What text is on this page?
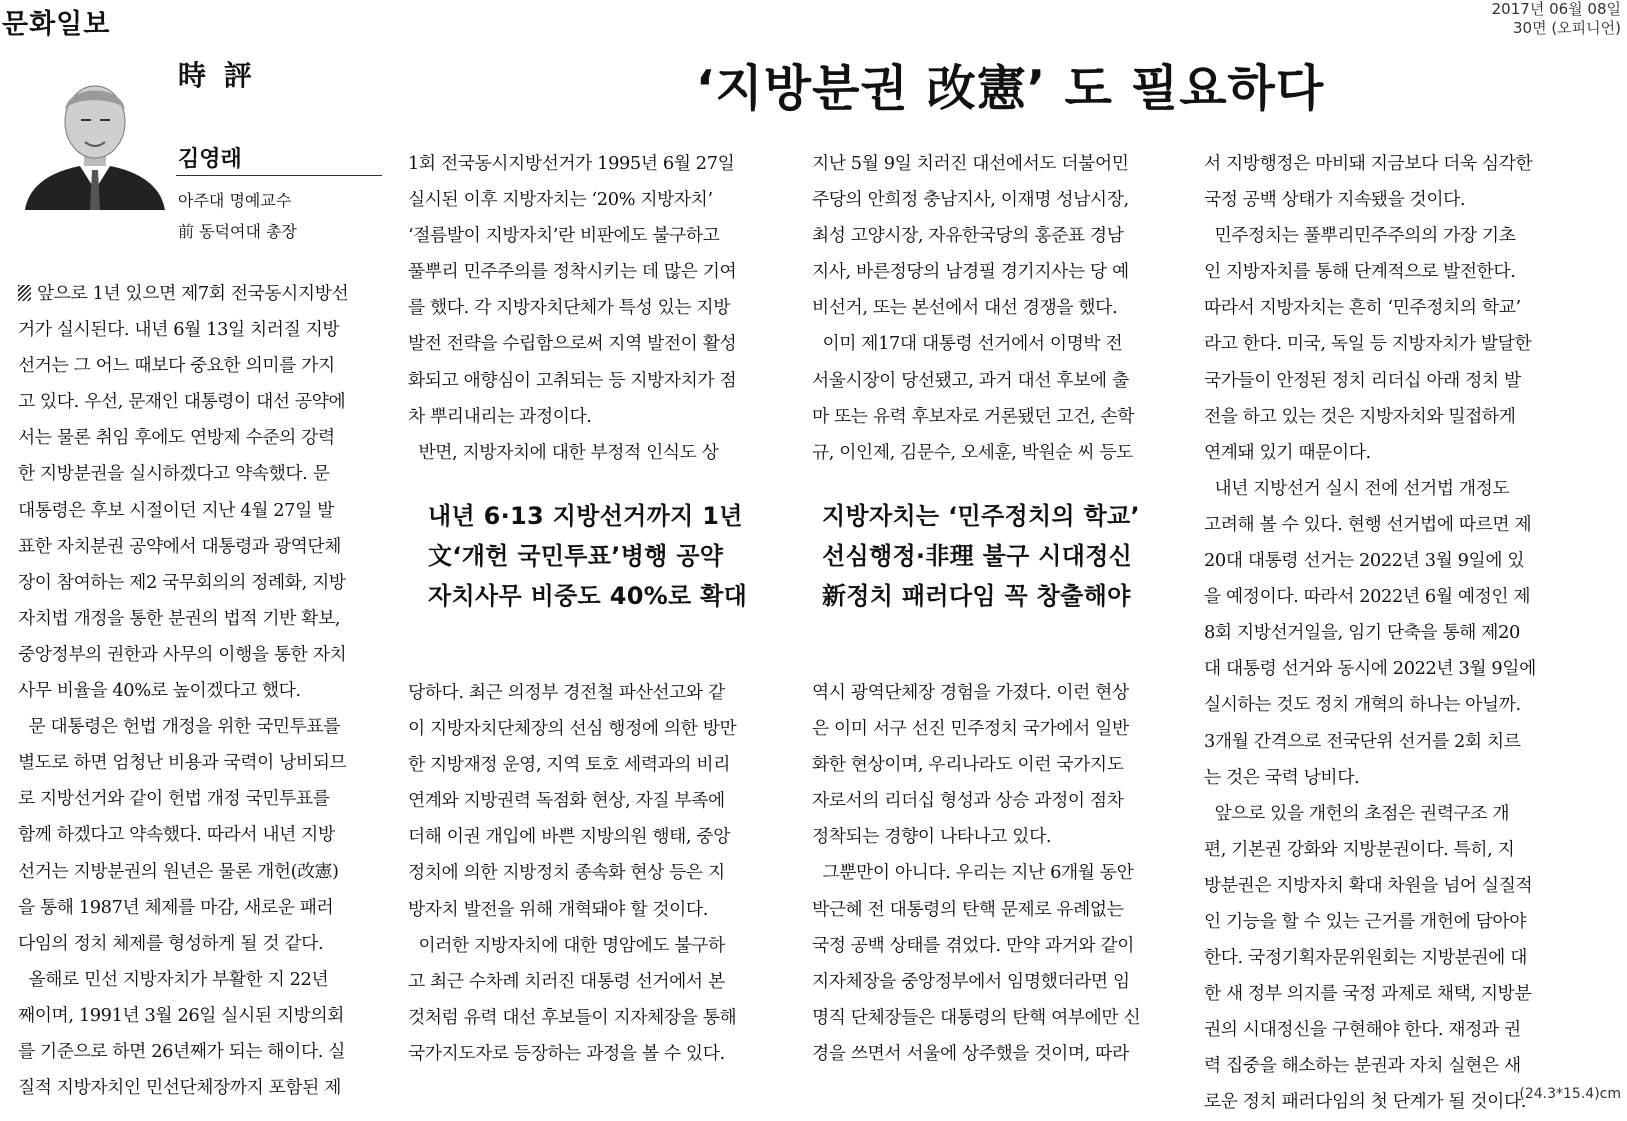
문화일보	2017년 06월 08일
30면 (오피니언)
時 評	‘지방분권 改憲’ 도 필요하다
김영래
아주대 명예교수
前 동덕여대 총장
앞으로 1년 있으면 제7회 전국동시지방선

거가 실시된다. 내년 6월 13일 치러질 지방

선거는 그 어느 때보다 중요한 의미를 가지

고 있다. 우선, 문재인 대통령이 대선 공약에

서는 물론 취임 후에도 연방제 수준의 강력

한 지방분권을 실시하겠다고 약속했다. 문

대통령은 후보 시절이던 지난 4월 27일 발

표한 자치분권 공약에서 대통령과 광역단체

장이 참여하는 제2 국무회의의 정례화, 지방

자치법 개정을 통한 분권의 법적 기반 확보,

중앙정부의 권한과 사무의 이행을 통한 자치

사무 비율을 40%로 높이겠다고 했다.

문 대통령은 헌법 개정을 위한 국민투표를

별도로 하면 엄청난 비용과 국력이 낭비되므

로 지방선거와 같이 헌법 개정 국민투표를

함께 하겠다고 약속했다. 따라서 내년 지방

선거는 지방분권의 원년은 물론 개헌(改憲)

을 통해 1987년 체제를 마감, 새로운 패러

다임의 정치 체제를 형성하게 될 것 같다.

올해로 민선 지방자치가 부활한 지 22년

째이며, 1991년 3월 26일 실시된 지방의회

를 기준으로 하면 26년째가 되는 해이다. 실

질적 지방자치인 민선단체장까지 포함된 제

1회 전국동시지방선거가 1995년 6월 27일

실시된 이후 지방자치는 ‘20% 지방자치’

‘절름발이 지방자치’란 비판에도 불구하고

풀뿌리 민주주의를 정착시키는 데 많은 기여

를 했다. 각 지방자치단체가 특성 있는 지방

발전 전략을 수립함으로써 지역 발전이 활성

화되고 애향심이 고취되는 등 지방자치가 점

차 뿌리내리는 과정이다.

반면, 지방자치에 대한 부정적 인식도 상

당하다. 최근 의정부 경전철 파산선고와 같

이 지방자치단체장의 선심 행정에 의한 방만

한 지방재정 운영, 지역 토호 세력과의 비리

연계와 지방권력 독점화 현상, 자질 부족에

더해 이권 개입에 바쁜 지방의원 행태, 중앙

정치에 의한 지방정치 종속화 현상 등은 지

방자치 발전을 위해 개혁돼야 할 것이다.

이러한 지방자치에 대한 명암에도 불구하

고 최근 수차례 치러진 대통령 선거에서 본

것처럼 유력 대선 후보들이 지자체장을 통해

국가지도자로 등장하는 과정을 볼 수 있다.

지난 5월 9일 치러진 대선에서도 더불어민

주당의 안희정 충남지사, 이재명 성남시장,

최성 고양시장, 자유한국당의 홍준표 경남

지사, 바른정당의 남경필 경기지사는 당 예

비선거, 또는 본선에서 대선 경쟁을 했다.

이미 제17대 대통령 선거에서 이명박 전

서울시장이 당선됐고, 과거 대선 후보에 출

마 또는 유력 후보자로 거론됐던 고건, 손학

규, 이인제, 김문수, 오세훈, 박원순 씨 등도

역시 광역단체장 경험을 가졌다. 이런 현상

은 이미 서구 선진 민주정치 국가에서 일반

화한 현상이며, 우리나라도 이런 국가지도

자로서의 리더십 형성과 상승 과정이 점차

정착되는 경향이 나타나고 있다.

그뿐만이 아니다. 우리는 지난 6개월 동안

박근혜 전 대통령의 탄핵 문제로 유례없는

국정 공백 상태를 겪었다. 만약 과거와 같이

지자체장을 중앙정부에서 임명했더라면 임

명직 단체장들은 대통령의 탄핵 여부에만 신

경을 쓰면서 서울에 상주했을 것이며, 따라

서 지방행정은 마비돼 지금보다 더욱 심각한

국정 공백 상태가 지속됐을 것이다.

민주정치는 풀뿌리민주주의의 가장 기초

인 지방자치를 통해 단계적으로 발전한다.

따라서 지방자치는 흔히 ‘민주정치의 학교’

라고 한다. 미국, 독일 등 지방자치가 발달한

국가들이 안정된 정치 리더십 아래 정치 발

전을 하고 있는 것은 지방자치와 밀접하게

연계돼 있기 때문이다.

내년 지방선거 실시 전에 선거법 개정도

고려해 볼 수 있다. 현행 선거법에 따르면 제

20대 대통령 선거는 2022년 3월 9일에 있

을 예정이다. 따라서 2022년 6월 예정인 제

8회 지방선거일을, 임기 단축을 통해 제20

대 대통령 선거와 동시에 2022년 3월 9일에

실시하는 것도 정치 개혁의 하나는 아닐까.

3개월 간격으로 전국단위 선거를 2회 치르

는 것은 국력 낭비다.

앞으로 있을 개헌의 초점은 권력구조 개

편, 기본권 강화와 지방분권이다. 특히, 지

방분권은 지방자치 확대 차원을 넘어 실질적

인 기능을 할 수 있는 근거를 개헌에 담아야

한다. 국정기획자문위원회는 지방분권에 대

한 새 정부 의지를 국정 과제로 채택, 지방분

권의 시대정신을 구현해야 한다. 재정과 권

력 집중을 해소하는 분권과 자치 실현은 새

로운 정치 패러다임의 첫 단계가 될 것이다.

내년 6·13 지방선거까지 1년

文‘개헌 국민투표’병행 공약

자치사무 비중도 40%로 확대

지방자치는 ‘민주정치의 학교’

선심행정·非理 불구 시대정신

新정치 패러다임 꼭 창출해야

(24.3*15.4)cm
